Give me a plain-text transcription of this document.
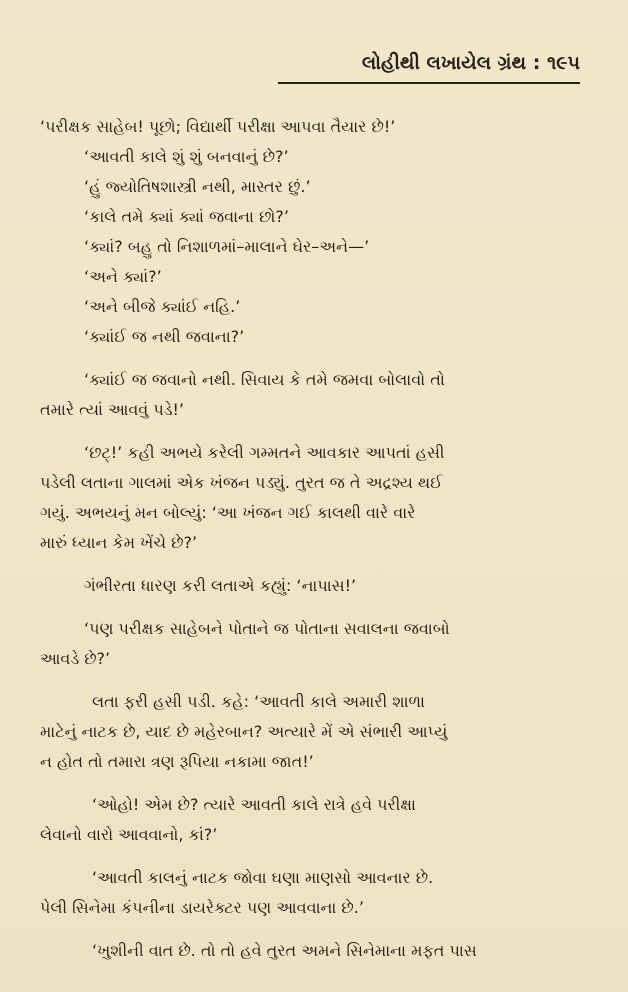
લોહીથી લખાયેલ ગ્રંથ : ૧૯૫
‘પરીક્ષક સાહેબ! પૂછો; વિદ્યાર્થી પરીક્ષા આપવા તૈયાર છે!’
‘આવતી કાલે શું શું બનવાનું છે?’
‘હું જ્યોતિષશાસ્ત્રી નથી, માસ્તર છું.’
‘કાલે તમે ક્યાં ક્યાં જવાના છો?’
‘ક્યાં? બહુ તો નિશાળમાં–માલાને ઘેર–અને—’
‘અને ક્યાં?’
‘અને બીજે ક્યાંઈ નહિ.’
‘ક્યાંઈ જ નથી જવાના?’
‘ક્યાંઈ જ જવાનો નથી. સિવાય કે તમે જમવા બોલાવો તો
તમારે ત્યાં આવવું પડે!’
‘છટ્!’ કહી અભયે કરેલી ગમ્મતને આવકાર આપતાં હસી
પડેલી લતાના ગાલમાં એક ખંજન પડ્યું. તુરત જ તે અદ્રશ્ય થઈ
ગયું. અભયનું મન બોલ્યું: ‘આ ખંજન ગઈ કાલથી વારે વારે
મારું ધ્યાન કેમ ખેંચે છે?’
ગંભીરતા ધારણ કરી લતાએ કહ્યું: ‘નાપાસ!’
‘પણ પરીક્ષક સાહેબને પોતાને જ પોતાના સવાલના જવાબો
આવડે છે?’
લતા ફરી હસી પડી. કહે: ‘આવતી કાલે અમારી શાળા
માટેનું નાટક છે, યાદ છે મહેરબાન? અત્યારે મેં એ સંભારી આપ્યું
ન હોત તો તમારા ત્રણ રૂપિયા નકામા જાત!’
‘ઓહો! એમ છે? ત્યારે આવતી કાલે રાત્રે હવે પરીક્ષા
લેવાનો વારો આવવાનો, કાં?’
‘આવતી કાલનું નાટક જોવા ઘણા માણસો આવનાર છે.
પેલી સિનેમા કંપનીના ડાયરેક્ટર પણ આવવાના છે.’
‘ખુશીની વાત છે. તો તો હવે તુરત અમને સિનેમાના મફત પાસ
